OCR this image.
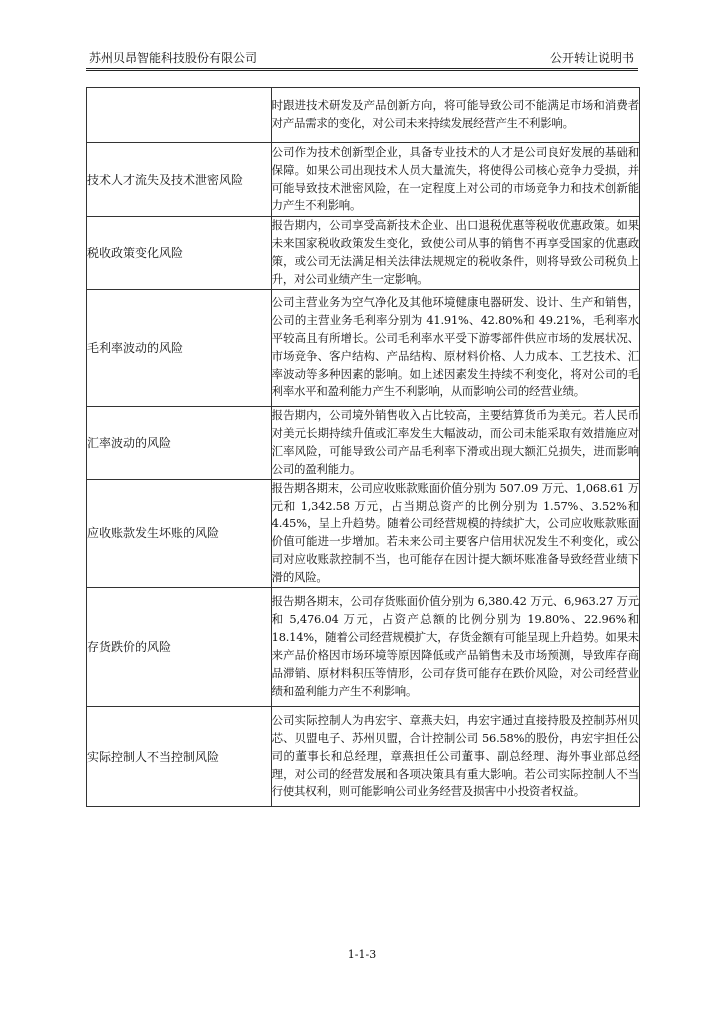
苏州贝昂智能科技股份有限公司	公开转让说明书
	时跟进技术研发及产品创新方向，将可能导致公司不能满足市场和消费者对产品需求的变化，对公司未来持续发展经营产生不利影响。
技术人才流失及技术泄密风险	公司作为技术创新型企业，具备专业技术的人才是公司良好发展的基础和保障。如果公司出现技术人员大量流失，将使得公司核心竞争力受损，并可能导致技术泄密风险，在一定程度上对公司的市场竞争力和技术创新能力产生不利影响。
税收政策变化风险	报告期内，公司享受高新技术企业、出口退税优惠等税收优惠政策。如果未来国家税收政策发生变化，致使公司从事的销售不再享受国家的优惠政策，或公司无法满足相关法律法规规定的税收条件，则将导致公司税负上升，对公司业绩产生一定影响。
毛利率波动的风险	公司主营业务为空气净化及其他环境健康电器研发、设计、生产和销售，公司的主营业务毛利率分别为 41.91%、42.80%和 49.21%，毛利率水平较高且有所增长。公司毛利率水平受下游零部件供应市场的发展状况、市场竞争、客户结构、产品结构、原材料价格、人力成本、工艺技术、汇率波动等多种因素的影响。如上述因素发生持续不利变化，将对公司的毛利率水平和盈利能力产生不利影响，从而影响公司的经营业绩。
汇率波动的风险	报告期内，公司境外销售收入占比较高，主要结算货币为美元。若人民币对美元长期持续升值或汇率发生大幅波动，而公司未能采取有效措施应对汇率风险，可能导致公司产品毛利率下滑或出现大额汇兑损失，进而影响公司的盈利能力。
应收账款发生坏账的风险	报告期各期末，公司应收账款账面价值分别为 507.09 万元、1,068.61 万元和 1,342.58 万元，占当期总资产的比例分别为 1.57%、3.52%和 4.45%，呈上升趋势。随着公司经营规模的持续扩大，公司应收账款账面价值可能进一步增加。若未来公司主要客户信用状况发生不利变化，或公司对应收账款控制不当，也可能存在因计提大额坏账准备导致经营业绩下滑的风险。
存货跌价的风险	报告期各期末，公司存货账面价值分别为 6,380.42 万元、6,963.27 万元和 5,476.04 万元，占资产总额的比例分别为 19.80%、22.96%和 18.14%，随着公司经营规模扩大，存货金额有可能呈现上升趋势。如果未来产品价格因市场环境等原因降低或产品销售未及市场预测，导致库存商品滞销、原材料积压等情形，公司存货可能存在跌价风险，对公司经营业绩和盈利能力产生不利影响。
实际控制人不当控制风险	公司实际控制人为冉宏宇、章燕夫妇，冉宏宇通过直接持股及控制苏州贝芯、贝盟电子、苏州贝盟，合计控制公司 56.58%的股份，冉宏宇担任公司的董事长和总经理，章燕担任公司董事、副总经理、海外事业部总经理，对公司的经营发展和各项决策具有重大影响。若公司实际控制人不当行使其权利，则可能影响公司业务经营及损害中小投资者权益。
1-1-3
